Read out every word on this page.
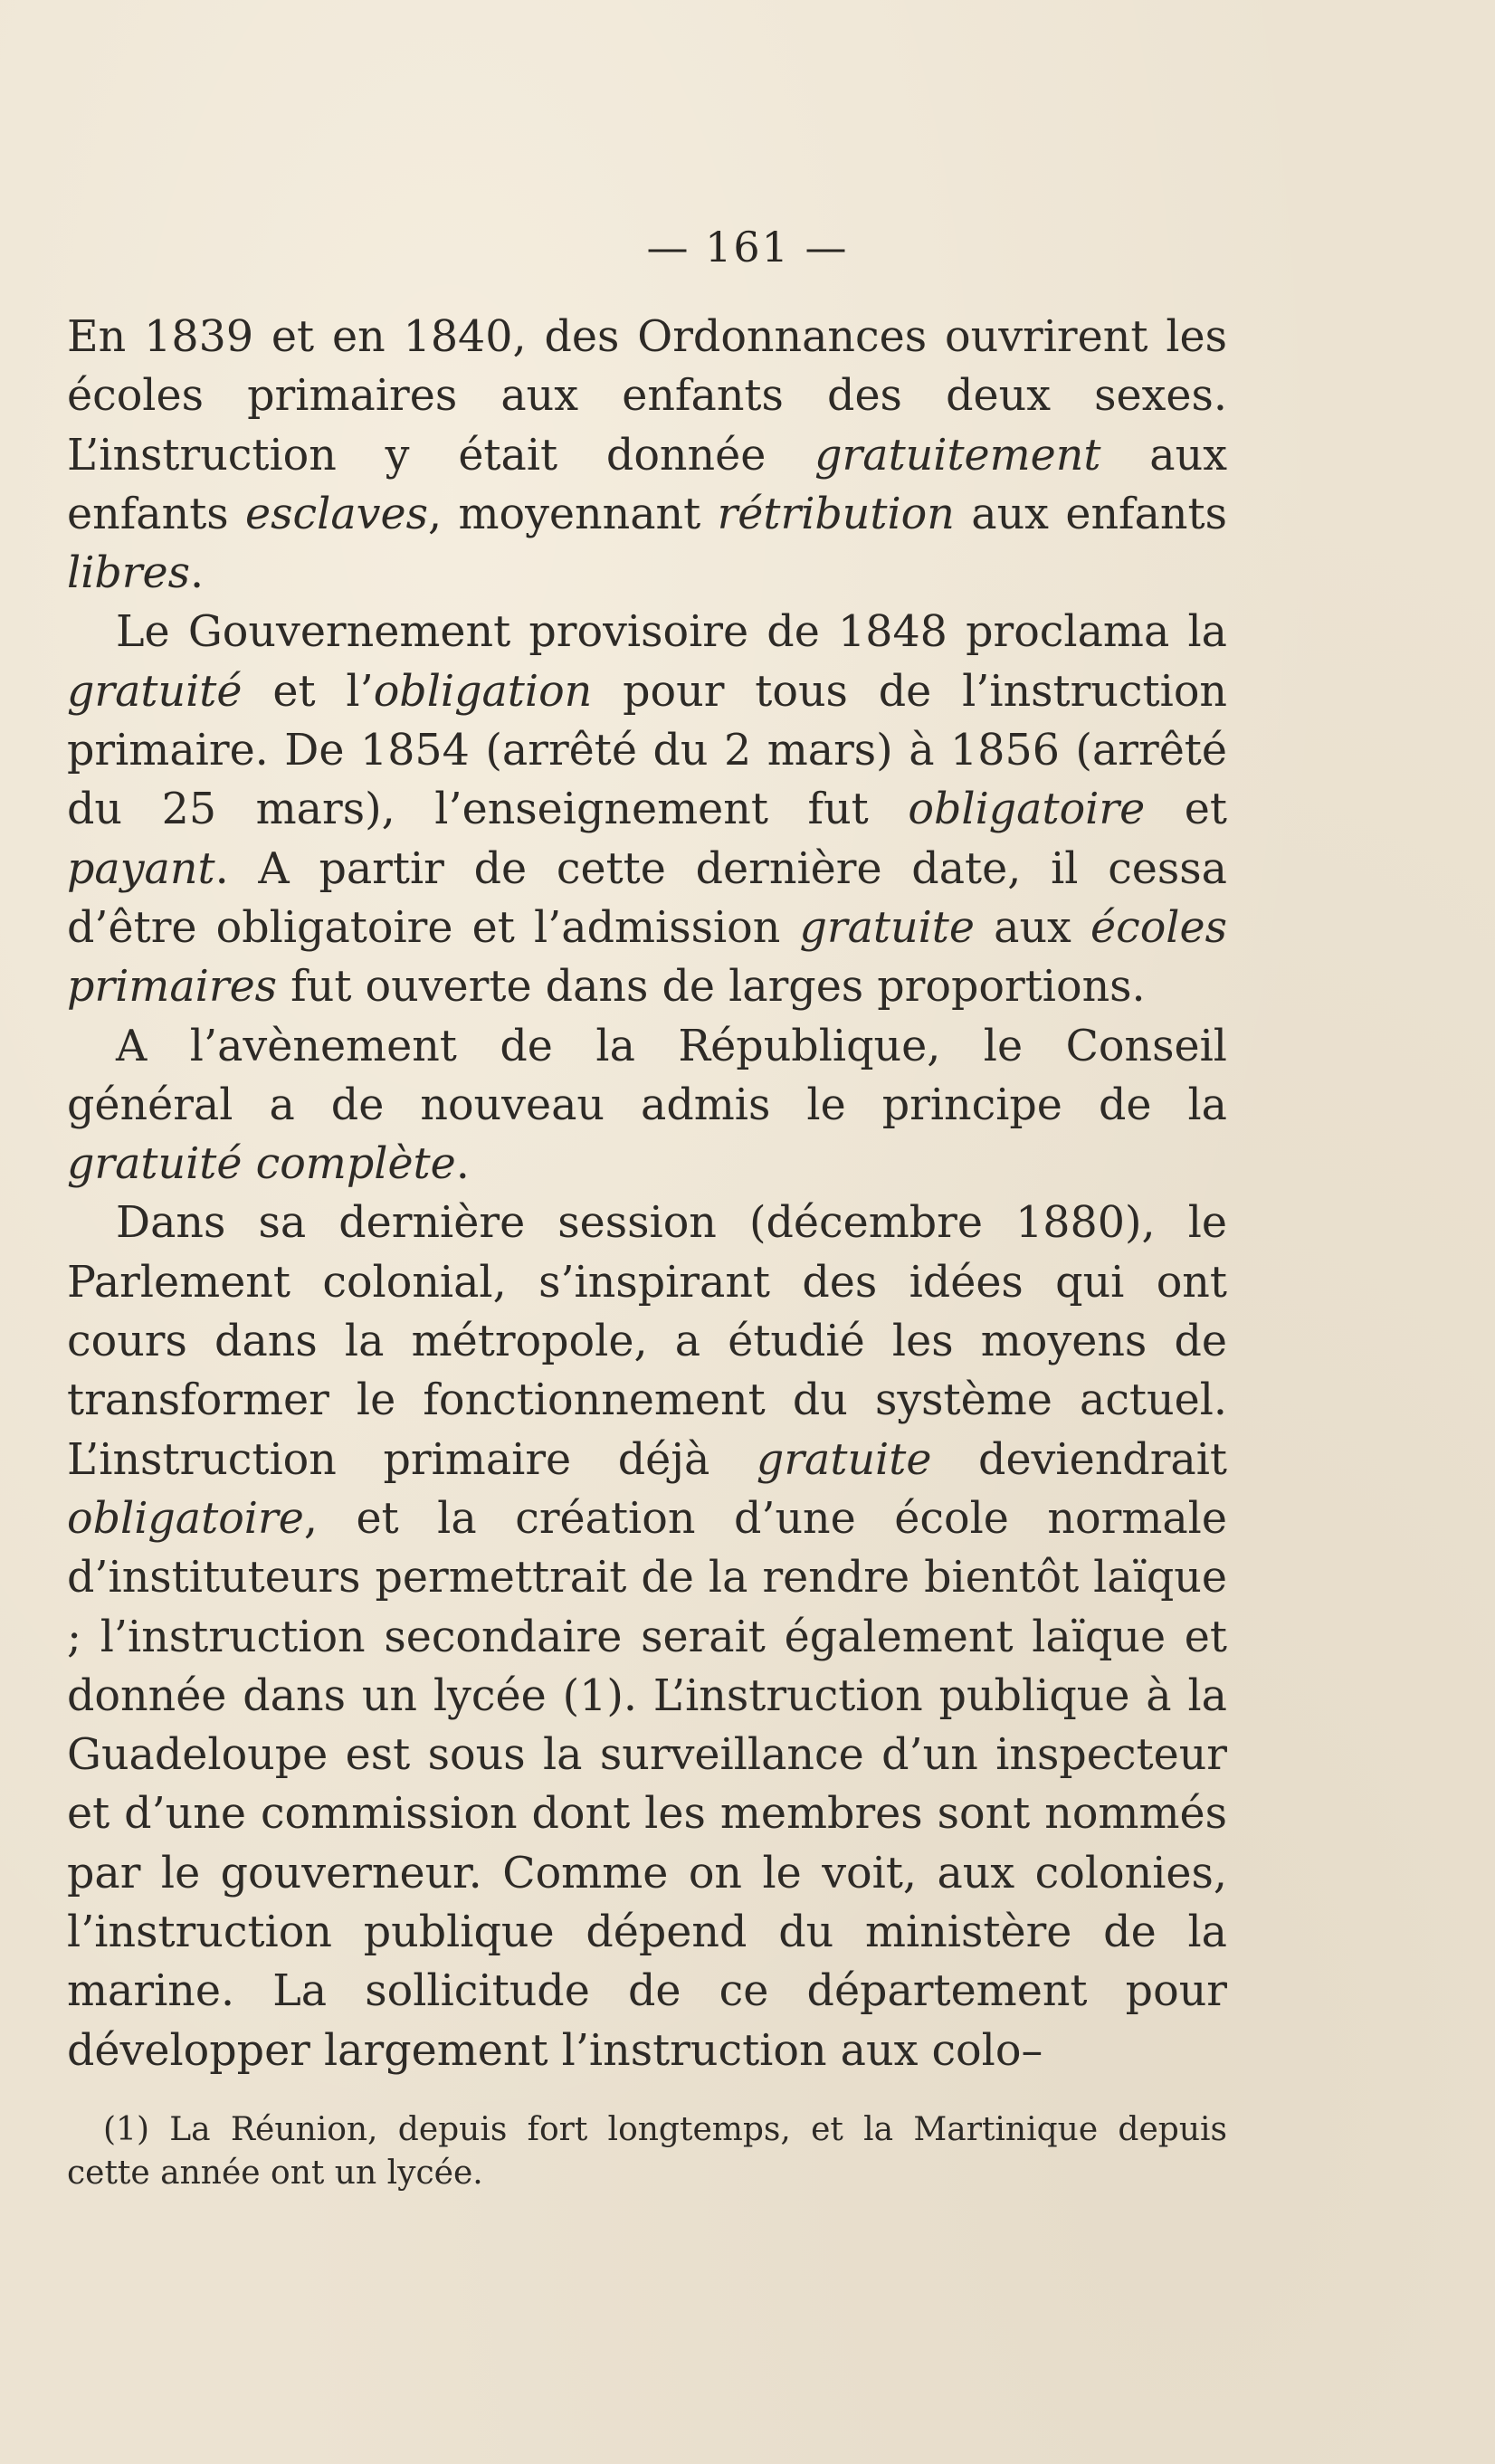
— 161 —

En 1839 et en 1840, des Ordonnances ouvrirent les écoles primaires aux enfants des deux sexes. L’instruction y était donnée gratuitement aux enfants esclaves, moyennant rétribution aux enfants libres.

Le Gouvernement provisoire de 1848 proclama la gratuité et l’obligation pour tous de l’instruction primaire. De 1854 (arrêté du 2 mars) à 1856 (arrêté du 25 mars), l’enseignement fut obligatoire et payant. A partir de cette dernière date, il cessa d’être obligatoire et l’admission gratuite aux écoles primaires fut ouverte dans de larges proportions.

A l’avènement de la République, le Conseil général a de nouveau admis le principe de la gratuité complète.

Dans sa dernière session (décembre 1880), le Parlement colonial, s’inspirant des idées qui ont cours dans la métropole, a étudié les moyens de transformer le fonctionnement du système actuel. L’instruction primaire déjà gratuite deviendrait obligatoire, et la création d’une école normale d’instituteurs permettrait de la rendre bientôt laïque ; l’instruction secondaire serait également laïque et donnée dans un lycée (1). L’instruction publique à la Guadeloupe est sous la surveillance d’un inspecteur et d’une commission dont les membres sont nommés par le gouverneur. Comme on le voit, aux colonies, l’instruction publique dépend du ministère de la marine. La sollicitude de ce département pour développer largement l’instruction aux colo–

(1) La Réunion, depuis fort longtemps, et la Martinique depuis cette année ont un lycée.
